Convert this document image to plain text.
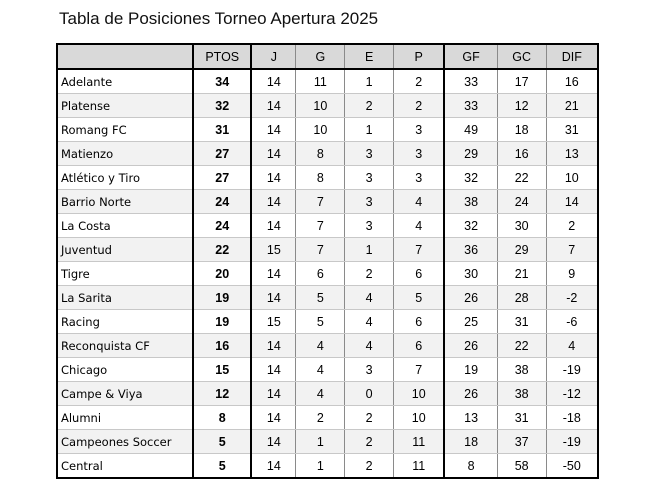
Tabla de Posiciones Torneo Apertura 2025
	PTOS	J	G	E	P	GF	GC	DIF
Adelante	34	14	11	1	2	33	17	16
Platense	32	14	10	2	2	33	12	21
Romang FC	31	14	10	1	3	49	18	31
Matienzo	27	14	8	3	3	29	16	13
Atlético y Tiro	27	14	8	3	3	32	22	10
Barrio Norte	24	14	7	3	4	38	24	14
La Costa	24	14	7	3	4	32	30	2
Juventud	22	15	7	1	7	36	29	7
Tigre	20	14	6	2	6	30	21	9
La Sarita	19	14	5	4	5	26	28	-2
Racing	19	15	5	4	6	25	31	-6
Reconquista CF	16	14	4	4	6	26	22	4
Chicago	15	14	4	3	7	19	38	-19
Campe & Viya	12	14	4	0	10	26	38	-12
Alumni	8	14	2	2	10	13	31	-18
Campeones Soccer	5	14	1	2	11	18	37	-19
Central	5	14	1	2	11	8	58	-50
